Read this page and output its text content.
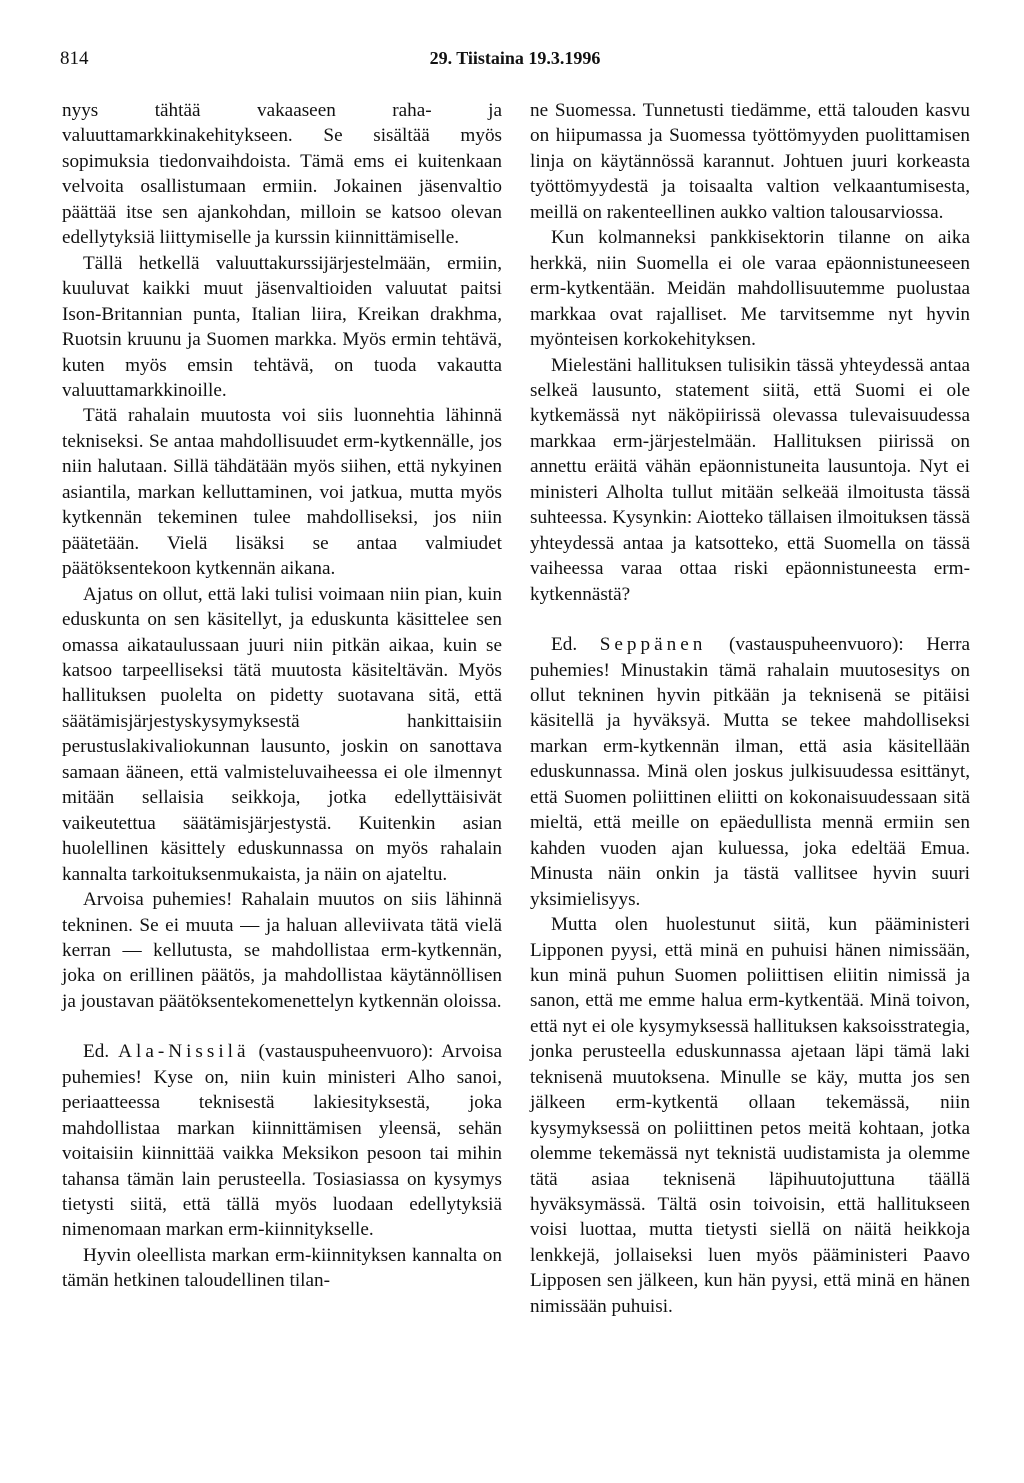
814	29. Tiistaina 19.3.1996

nyys tähtää vakaaseen raha- ja valuuttamarkkinakehitykseen. Se sisältää myös sopimuksia tiedonvaihdoista. Tämä ems ei kuitenkaan velvoita osallistumaan ermiin. Jokainen jäsenvaltio päättää itse sen ajankohdan, milloin se katsoo olevan edellytyksiä liittymiselle ja kurssin kiinnittämiselle.

Tällä hetkellä valuuttakurssijärjestelmään, ermiin, kuuluvat kaikki muut jäsenvaltioiden valuutat paitsi Ison-Britannian punta, Italian liira, Kreikan drakhma, Ruotsin kruunu ja Suomen markka. Myös ermin tehtävä, kuten myös emsin tehtävä, on tuoda vakautta valuuttamarkkinoille.

Tätä rahalain muutosta voi siis luonnehtia lähinnä tekniseksi. Se antaa mahdollisuudet erm-kytkennälle, jos niin halutaan. Sillä tähdätään myös siihen, että nykyinen asiantila, markan kelluttaminen, voi jatkua, mutta myös kytkennän tekeminen tulee mahdolliseksi, jos niin päätetään. Vielä lisäksi se antaa valmiudet päätöksentekoon kytkennän aikana.

Ajatus on ollut, että laki tulisi voimaan niin pian, kuin eduskunta on sen käsitellyt, ja eduskunta käsittelee sen omassa aikataulussaan juuri niin pitkän aikaa, kuin se katsoo tarpeelliseksi tätä muutosta käsiteltävän. Myös hallituksen puolelta on pidetty suotavana sitä, että säätämisjärjestyskysymyksestä hankittaisiin perustuslakivaliokunnan lausunto, joskin on sanottava samaan ääneen, että valmisteluvaiheessa ei ole ilmennyt mitään sellaisia seikkoja, jotka edellyttäisivät vaikeutettua säätämisjärjestystä. Kuitenkin asian huolellinen käsittely eduskunnassa on myös rahalain kannalta tarkoituksenmukaista, ja näin on ajateltu.

Arvoisa puhemies! Rahalain muutos on siis lähinnä tekninen. Se ei muuta — ja haluan alleviivata tätä vielä kerran — kellutusta, se mahdollistaa erm-kytkennän, joka on erillinen päätös, ja mahdollistaa käytännöllisen ja joustavan päätöksentekomenettelyn kytkennän oloissa.

Ed. Ala-Nissilä (vastauspuheenvuoro): Arvoisa puhemies! Kyse on, niin kuin ministeri Alho sanoi, periaatteessa teknisestä lakiesityksestä, joka mahdollistaa markan kiinnittämisen yleensä, sehän voitaisiin kiinnittää vaikka Meksikon pesoon tai mihin tahansa tämän lain perusteella. Tosiasiassa on kysymys tietysti siitä, että tällä myös luodaan edellytyksiä nimenomaan markan erm-kiinnitykselle.

Hyvin oleellista markan erm-kiinnityksen kannalta on tämän hetkinen taloudellinen tilan-

ne Suomessa. Tunnetusti tiedämme, että talouden kasvu on hiipumassa ja Suomessa työttömyyden puolittamisen linja on käytännössä karannut. Johtuen juuri korkeasta työttömyydestä ja toisaalta valtion velkaantumisesta, meillä on rakenteellinen aukko valtion talousarviossa.

Kun kolmanneksi pankkisektorin tilanne on aika herkkä, niin Suomella ei ole varaa epäonnistuneeseen erm-kytkentään. Meidän mahdollisuutemme puolustaa markkaa ovat rajalliset. Me tarvitsemme nyt hyvin myönteisen korkokehityksen.

Mielestäni hallituksen tulisikin tässä yhteydessä antaa selkeä lausunto, statement siitä, että Suomi ei ole kytkemässä nyt näköpiirissä olevassa tulevaisuudessa markkaa erm-järjestelmään. Hallituksen piirissä on annettu eräitä vähän epäonnistuneita lausuntoja. Nyt ei ministeri Alholta tullut mitään selkeää ilmoitusta tässä suhteessa. Kysynkin: Aiotteko tällaisen ilmoituksen tässä yhteydessä antaa ja katsotteko, että Suomella on tässä vaiheessa varaa ottaa riski epäonnistuneesta erm-kytkennästä?

Ed. Seppänen (vastauspuheenvuoro): Herra puhemies! Minustakin tämä rahalain muutosesitys on ollut tekninen hyvin pitkään ja teknisenä se pitäisi käsitellä ja hyväksyä. Mutta se tekee mahdolliseksi markan erm-kytkennän ilman, että asia käsitellään eduskunnassa. Minä olen joskus julkisuudessa esittänyt, että Suomen poliittinen eliitti on kokonaisuudessaan sitä mieltä, että meille on epäedullista mennä ermiin sen kahden vuoden ajan kuluessa, joka edeltää Emua. Minusta näin onkin ja tästä vallitsee hyvin suuri yksimielisyys.

Mutta olen huolestunut siitä, kun pääministeri Lipponen pyysi, että minä en puhuisi hänen nimissään, kun minä puhun Suomen poliittisen eliitin nimissä ja sanon, että me emme halua erm-kytkentää. Minä toivon, että nyt ei ole kysymyksessä hallituksen kaksoisstrategia, jonka perusteella eduskunnassa ajetaan läpi tämä laki teknisenä muutoksena. Minulle se käy, mutta jos sen jälkeen erm-kytkentä ollaan tekemässä, niin kysymyksessä on poliittinen petos meitä kohtaan, jotka olemme tekemässä nyt teknistä uudistamista ja olemme tätä asiaa teknisenä läpihuutojuttuna täällä hyväksymässä. Tältä osin toivoisin, että hallitukseen voisi luottaa, mutta tietysti siellä on näitä heikkoja lenkkejä, jollaiseksi luen myös pääministeri Paavo Lipposen sen jälkeen, kun hän pyysi, että minä en hänen nimissään puhuisi.
